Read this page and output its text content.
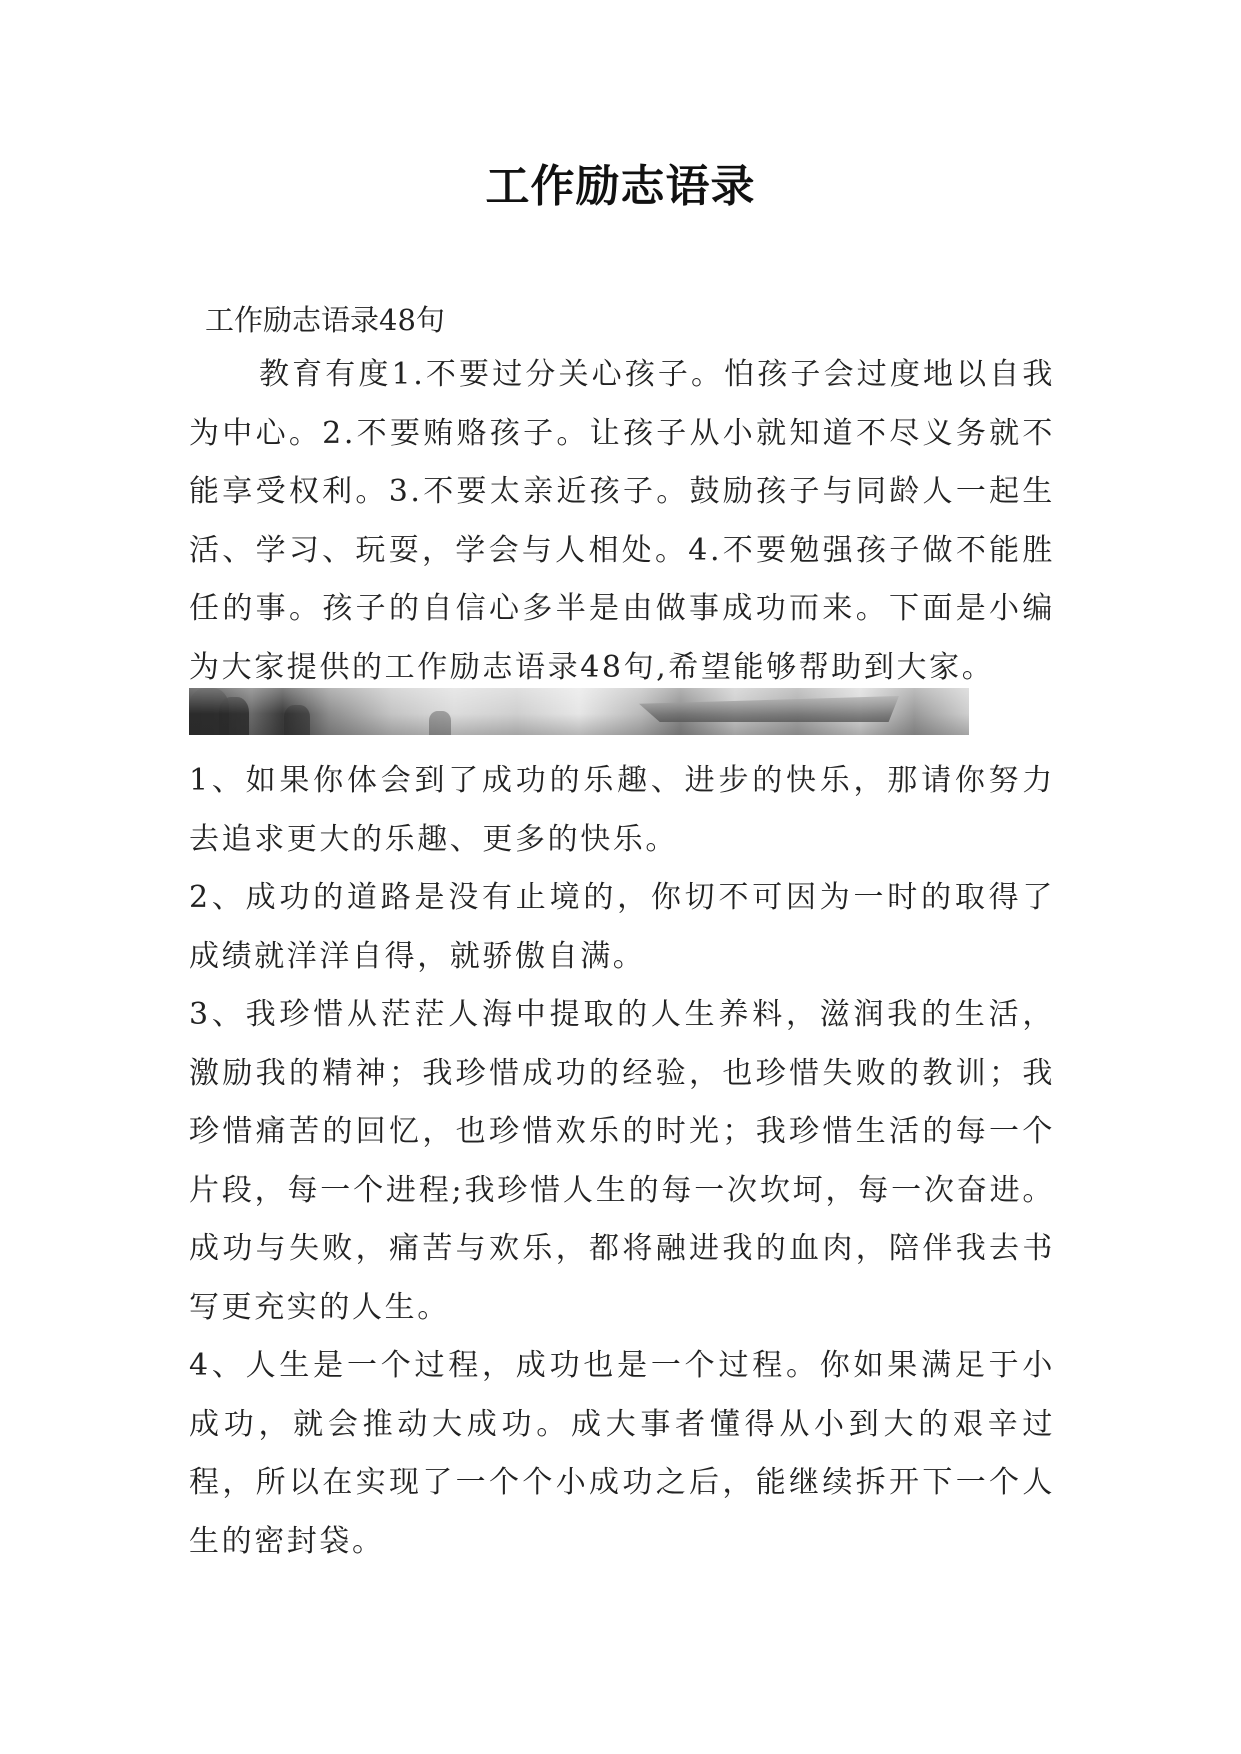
工作励志语录
工作励志语录48句
教育有度1.不要过分关心孩子。怕孩子会过度地以自我为中心。2.不要贿赂孩子。让孩子从小就知道不尽义务就不能享受权利。3.不要太亲近孩子。鼓励孩子与同龄人一起生活、学习、玩耍，学会与人相处。4.不要勉强孩子做不能胜任的事。孩子的自信心多半是由做事成功而来。下面是小编为大家提供的工作励志语录48句,希望能够帮助到大家。

1、如果你体会到了成功的乐趣、进步的快乐，那请你努力去追求更大的乐趣、更多的快乐。

2、成功的道路是没有止境的，你切不可因为一时的取得了成绩就洋洋自得，就骄傲自满。

3、我珍惜从茫茫人海中提取的人生养料，滋润我的生活，激励我的精神；我珍惜成功的经验，也珍惜失败的教训；我珍惜痛苦的回忆，也珍惜欢乐的时光；我珍惜生活的每一个片段，每一个进程;我珍惜人生的每一次坎坷，每一次奋进。成功与失败，痛苦与欢乐，都将融进我的血肉，陪伴我去书写更充实的人生。

4、人生是一个过程，成功也是一个过程。你如果满足于小成功，就会推动大成功。成大事者懂得从小到大的艰辛过程，所以在实现了一个个小成功之后，能继续拆开下一个人生的密封袋。
